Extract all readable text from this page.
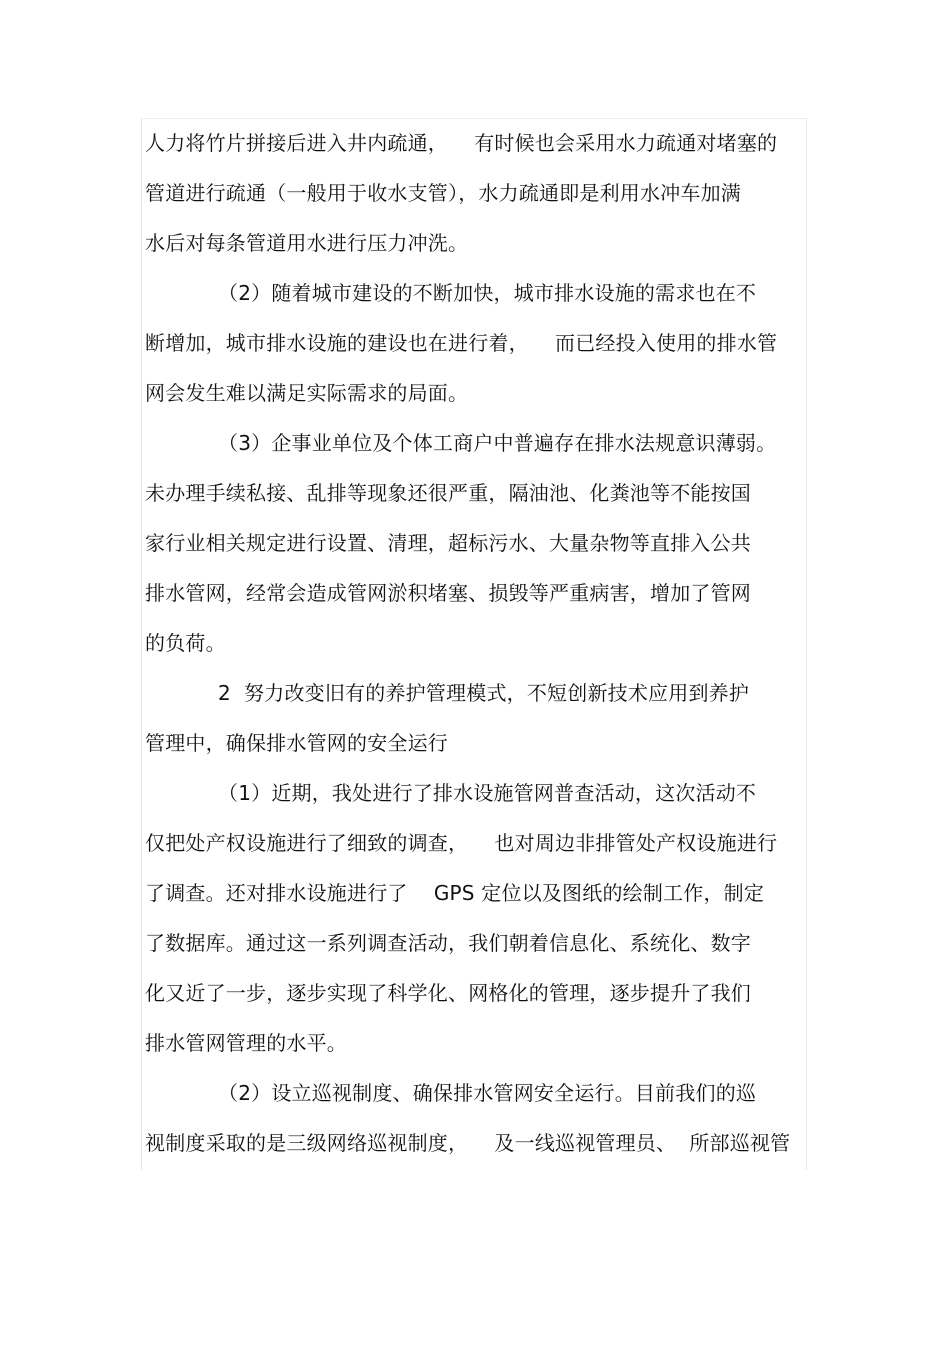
人力将竹片拼接后进入井内疏通，    有时候也会采用水力疏通对堵塞的
管道进行疏通（一般用于收水支管），水力疏通即是利用水冲车加满
水后对每条管道用水进行压力冲洗。
（2）随着城市建设的不断加快，城市排水设施的需求也在不
断增加，城市排水设施的建设也在进行着，    而已经投入使用的排水管
网会发生难以满足实际需求的局面。
（3）企事业单位及个体工商户中普遍存在排水法规意识薄弱。
未办理手续私接、乱排等现象还很严重，隔油池、化粪池等不能按国
家行业相关规定进行设置、清理，超标污水、大量杂物等直排入公共
排水管网，经常会造成管网淤积堵塞、损毁等严重病害，增加了管网
的负荷。
2  努力改变旧有的养护管理模式，不短创新技术应用到养护
管理中，确保排水管网的安全运行
（1）近期，我处进行了排水设施管网普查活动，这次活动不
仅把处产权设施进行了细致的调查，    也对周边非排管处产权设施进行
了调查。还对排水设施进行了    GPS 定位以及图纸的绘制工作，制定
了数据库。通过这一系列调查活动，我们朝着信息化、系统化、数字
化又近了一步，逐步实现了科学化、网格化的管理，逐步提升了我们
排水管网管理的水平。
（2）设立巡视制度、确保排水管网安全运行。目前我们的巡
视制度采取的是三级网络巡视制度，    及一线巡视管理员、  所部巡视管
